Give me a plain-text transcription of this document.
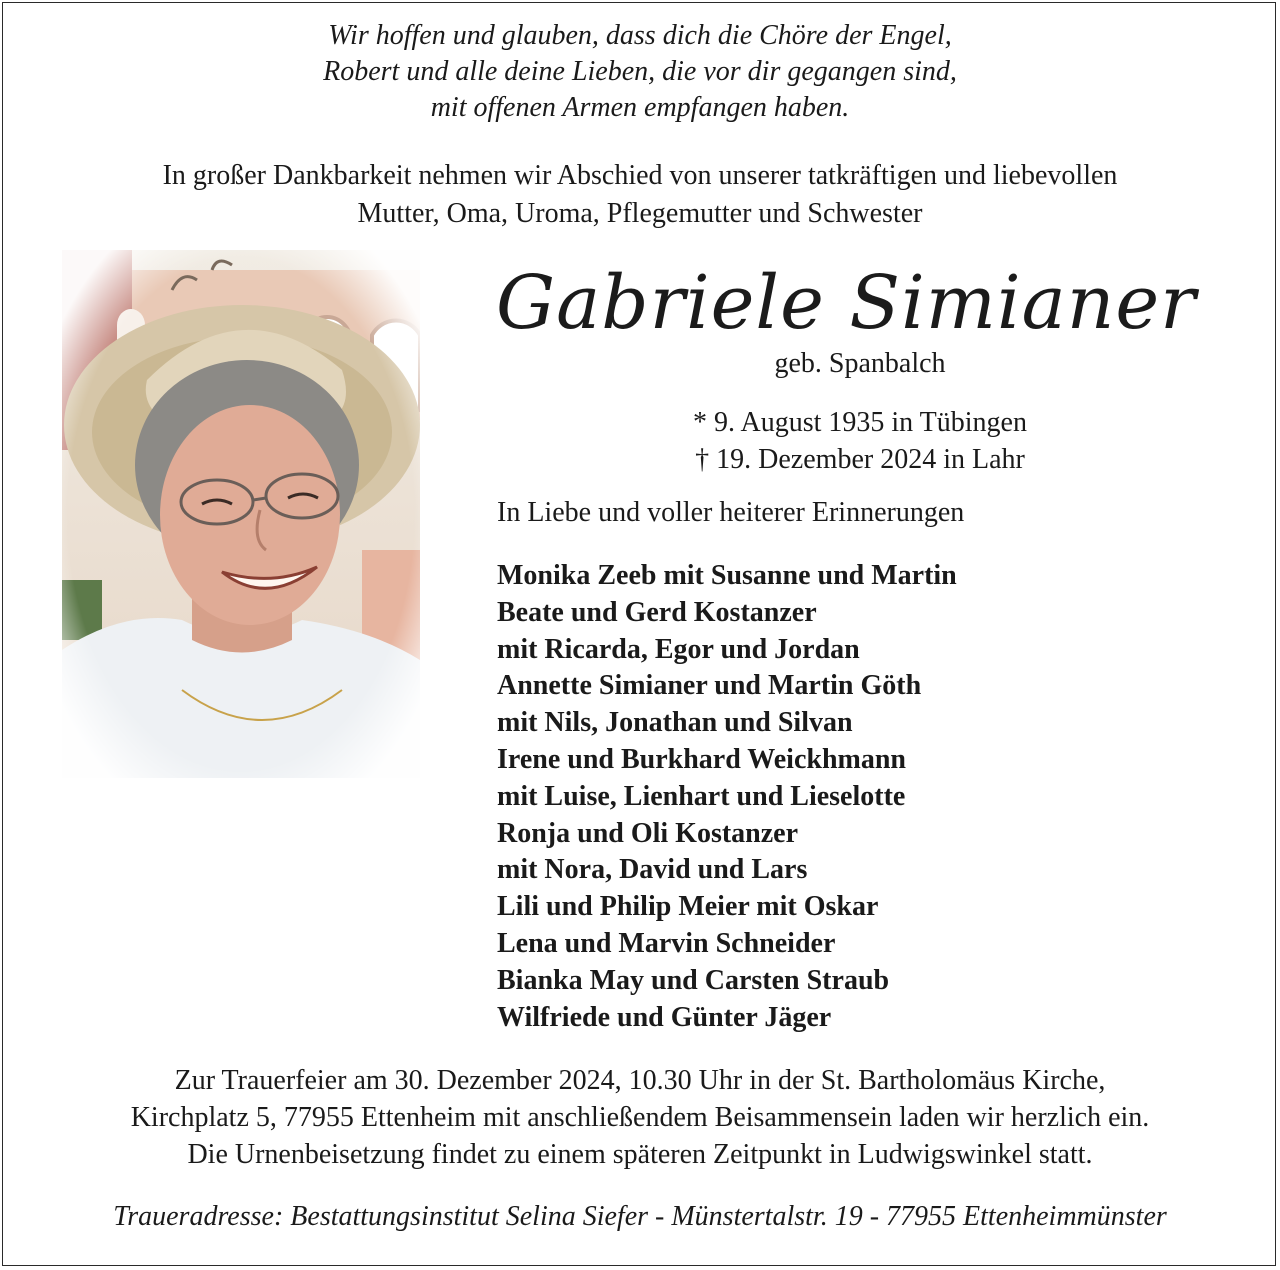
Wir hoffen und glauben, dass dich die Chöre der Engel,
Robert und alle deine Lieben, die vor dir gegangen sind,
mit offenen Armen empfangen haben.
In großer Dankbarkeit nehmen wir Abschied von unserer tatkräftigen und liebevollen
Mutter, Oma, Uroma, Pflegemutter und Schwester
Gabriele Simianer
geb. Spanbalch
* 9. August 1935 in Tübingen
† 19. Dezember 2024 in Lahr
In Liebe und voller heiterer Erinnerungen
Monika Zeeb mit Susanne und Martin
Beate und Gerd Kostanzer
mit Ricarda, Egor und Jordan
Annette Simianer und Martin Göth
mit Nils, Jonathan und Silvan
Irene und Burkhard Weickhmann
mit Luise, Lienhart und Lieselotte
Ronja und Oli Kostanzer
mit Nora, David und Lars
Lili und Philip Meier mit Oskar
Lena und Marvin Schneider
Bianka May und Carsten Straub
Wilfriede und Günter Jäger
Zur Trauerfeier am 30. Dezember 2024, 10.30 Uhr in der St. Bartholomäus Kirche,
Kirchplatz 5, 77955 Ettenheim mit anschließendem Beisammensein laden wir herzlich ein.
Die Urnenbeisetzung findet zu einem späteren Zeitpunkt in Ludwigswinkel statt.
Traueradresse: Bestattungsinstitut Selina Siefer - Münstertalstr. 19 - 77955 Ettenheimmünster
